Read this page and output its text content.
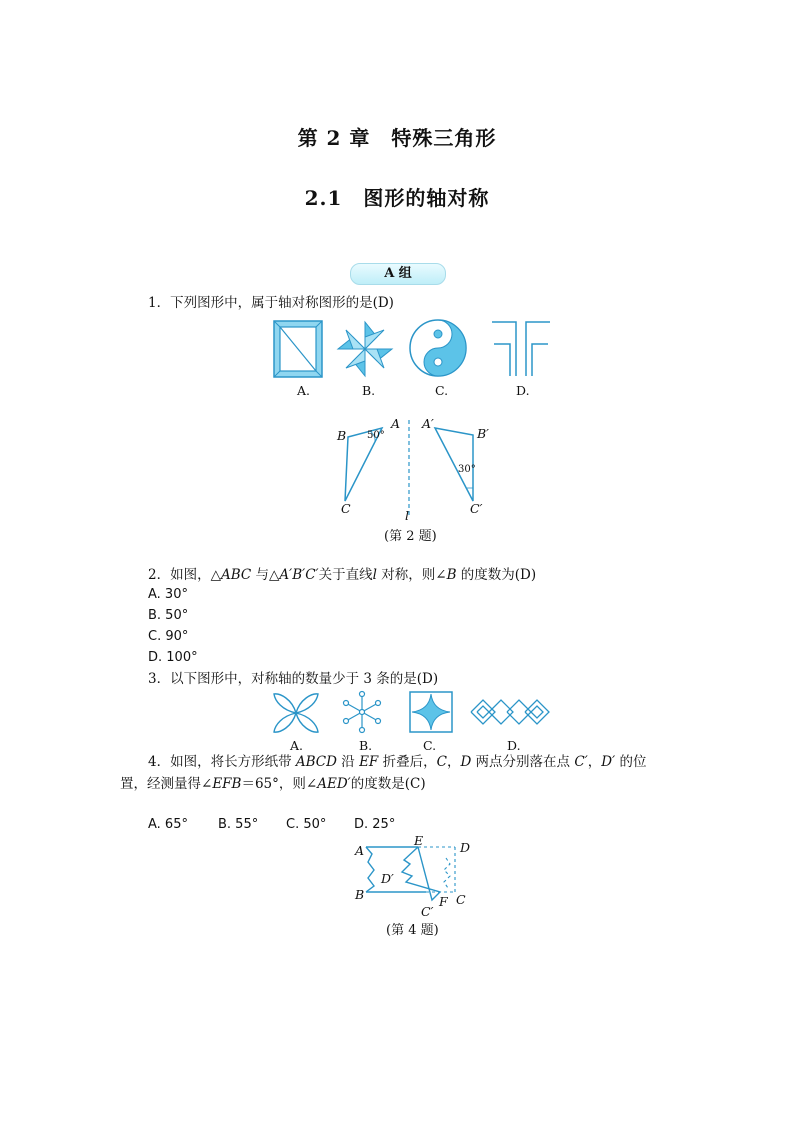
第 2 章　特殊三角形
2.1　图形的轴对称
A 组
1．下列图形中，属于轴对称图形的是(D)
A.	B.	C.	D.
B
A
50°
C
A′
B′
30°
C′
l
(第 2 题)
2．如图，△ABC 与△A′B′C′关于直线l 对称，则∠B 的度数为(D)
A. 30°
B. 50°
C. 90°
D. 100°
3．以下图形中，对称轴的数量少于 3 条的是(D)
A.	B.	C.	D.
4．如图，将长方形纸带 ABCD 沿 EF 折叠后，C，D 两点分别落在点 C′，D′ 的位
置，经测量得∠EFB＝65°，则∠AED′的度数是(C)
A. 65° B. 55° C. 50° D. 25°
A
E	D
D′
B	C
F
C′
(第 4 题)
